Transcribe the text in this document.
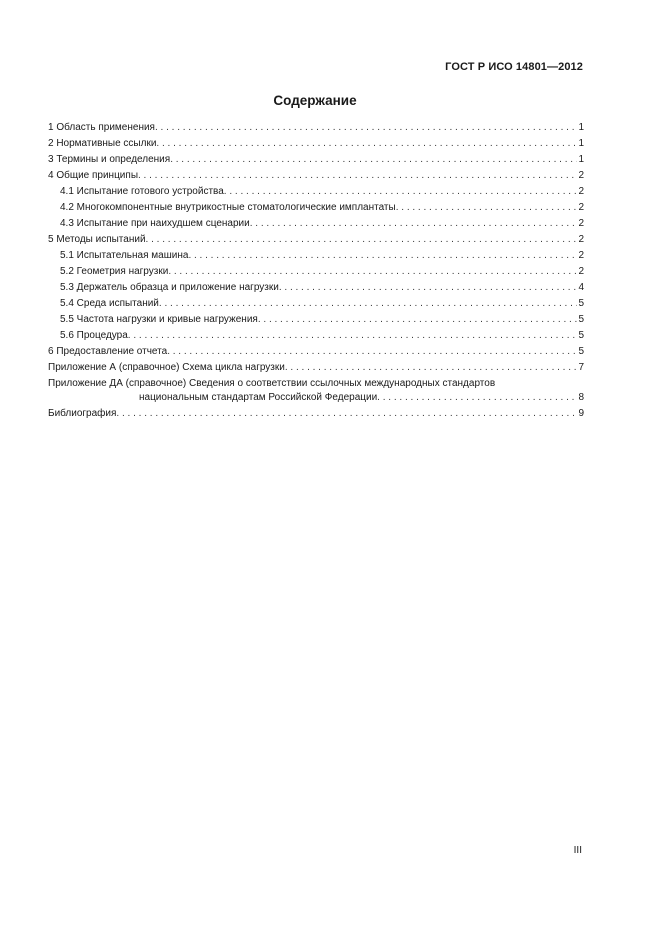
ГОСТ Р ИСО 14801—2012
Содержание
1 Область применения . . .	1
2 Нормативные ссылки . . .	1
3 Термины и определения . . .	1
4 Общие принципы . . .	2
4.1 Испытание готового устройства . . .	2
4.2 Многокомпонентные внутрикостные стоматологические имплантаты . . .	2
4.3 Испытание при наихудшем сценарии . . .	2
5 Методы испытаний . . .	2
5.1 Испытательная машина . . .	2
5.2 Геометрия нагрузки . . .	2
5.3 Держатель образца и приложение нагрузки . . .	4
5.4 Среда испытаний . . .	5
5.5 Частота нагрузки и кривые нагружения . . .	5
5.6 Процедура . . .	5
6 Предоставление отчета . . .	5
Приложение А (справочное) Схема цикла нагрузки . . .	7
Приложение ДА (справочное) Сведения о соответствии ссылочных международных стандартов
национальным стандартам Российской Федерации . . .	8
Библиография . . .	9
III
